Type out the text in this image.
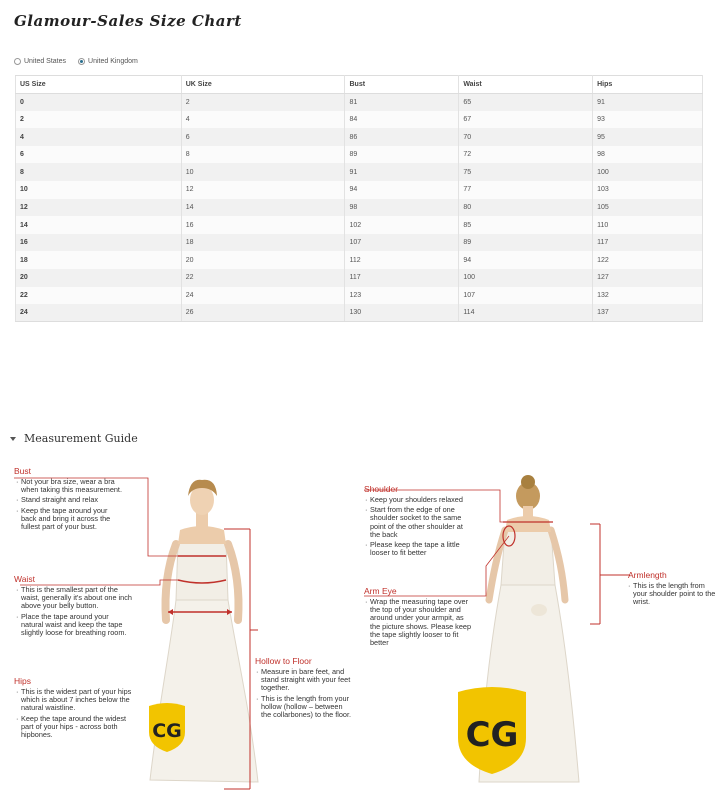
Glamour-Sales Size Chart
United States	United Kingdom
US Size	UK Size	Bust	Waist	Hips
0	2	81	65	91
2	4	84	67	93
4	6	86	70	95
6	8	89	72	98
8	10	91	75	100
10	12	94	77	103
12	14	98	80	105
14	16	102	85	110
16	18	107	89	117
18	20	112	94	122
20	22	117	100	127
22	24	123	107	132
24	26	130	114	137
Measurement Guide
CG	CG
Bust
· Not your bra size, wear a bra when taking this measurement.
· Stand straight and relax
· Keep the tape around your back and bring it across the fullest part of your bust.
Waist
· This is the smallest part of the waist, generally it's about one inch above your belly button.
· Place the tape around your natural waist and keep the tape slightly loose for breathing room.
Hips
· This is the widest part of your hips which is about 7 inches below the natural waistline.
· Keep the tape around the widest part of your hips - across both hipbones.
Hollow to Floor
· Measure in bare feet, and stand straight with your feet together.
· This is the length from your hollow (hollow – between the collarbones) to the floor.
Shoulder
· Keep your shoulders relaxed
· Start from the edge of one shoulder socket to the same point of the other shoulder at the back
· Please keep the tape a little looser to fit better
Arm Eye
· Wrap the measuring tape over the top of your shoulder and around under your armpit, as the picture shows. Please keep the tape slightly looser to fit better
Armlength
· This is the length from your shoulder point to the wrist.
